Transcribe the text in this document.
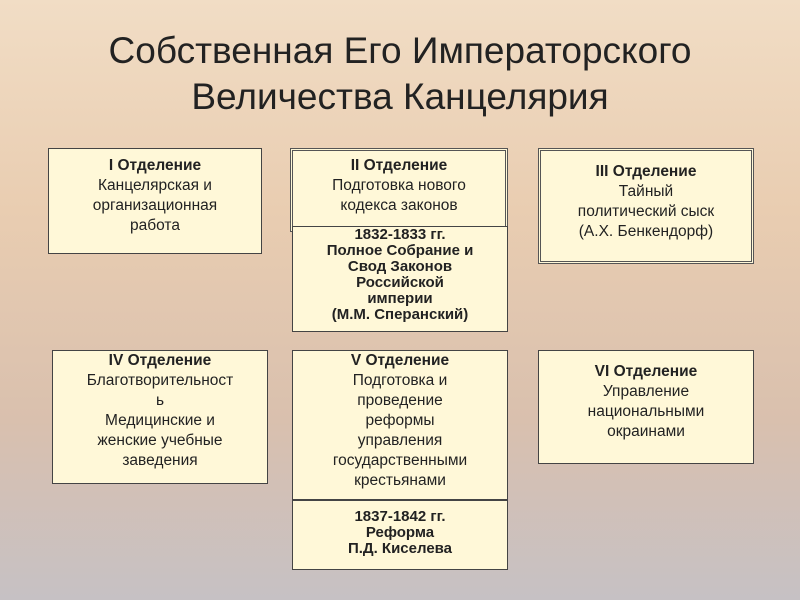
Собственная Его Императорского
Величества Канцелярия
I Отделение
Канцелярская и
организационная
работа
II Отделение
Подготовка нового
кодекса законов
1832-1833 гг.
Полное Собрание и
Свод Законов
Российской
империи
(М.М. Сперанский)
III Отделение
Тайный
политический сыск
(А.Х. Бенкендорф)
IV Отделение
Благотворительност
ь
Медицинские и
женские учебные
заведения
V Отделение
Подготовка и
проведение
реформы
управления
государственными
крестьянами
1837-1842 гг.
Реформа
П.Д. Киселева
VI Отделение
Управление
национальными
окраинами
